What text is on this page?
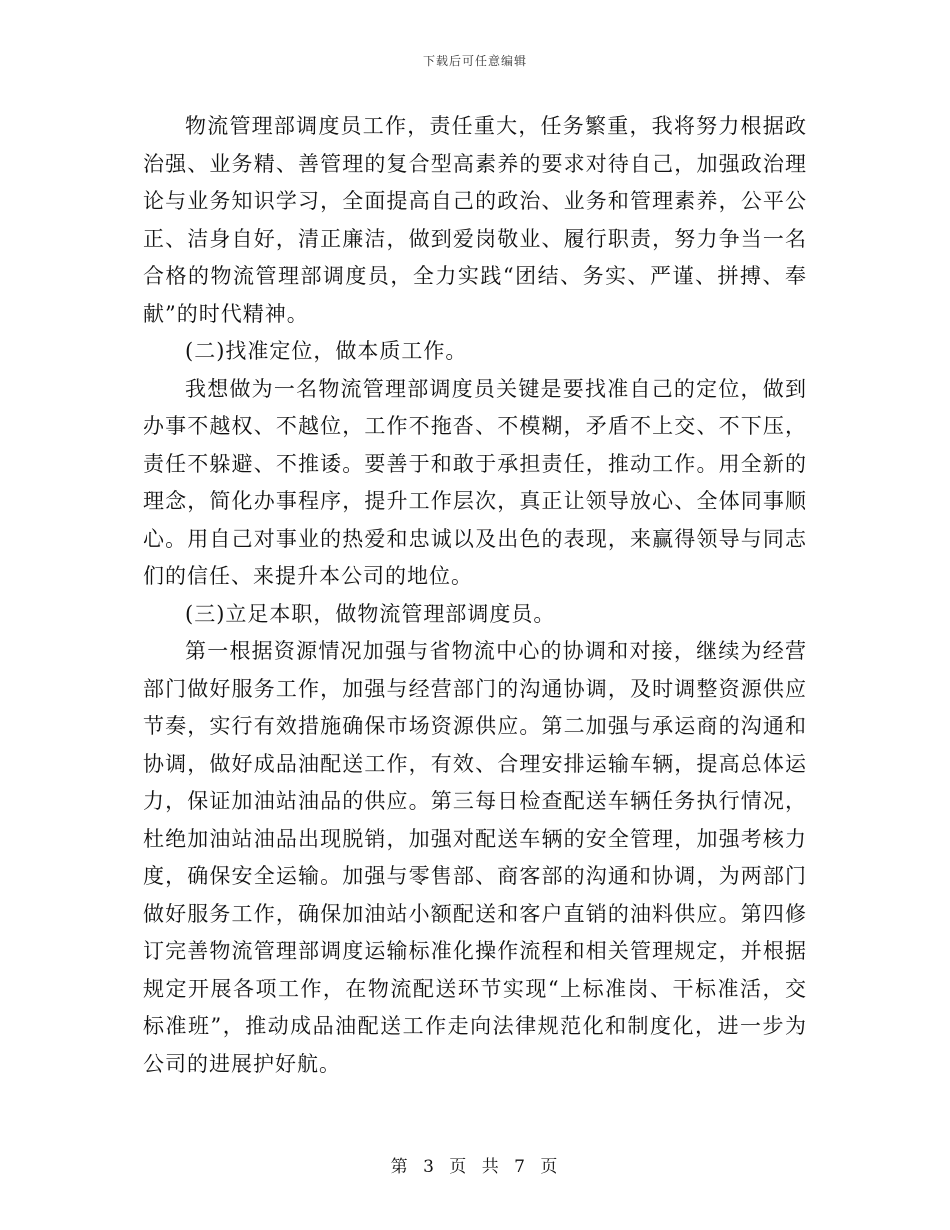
下载后可任意编辑

物流管理部调度员工作，责任重大，任务繁重，我将努力根据政治强、业务精、善管理的复合型高素养的要求对待自己，加强政治理论与业务知识学习，全面提高自己的政治、业务和管理素养，公平公正、洁身自好，清正廉洁，做到爱岗敬业、履行职责，努力争当一名合格的物流管理部调度员，全力实践“团结、务实、严谨、拼搏、奉献”的时代精神。

(二)找准定位，做本质工作。

我想做为一名物流管理部调度员关键是要找准自己的定位，做到办事不越权、不越位，工作不拖沓、不模糊，矛盾不上交、不下压，责任不躲避、不推诿。要善于和敢于承担责任，推动工作。用全新的理念，简化办事程序，提升工作层次，真正让领导放心、全体同事顺心。用自己对事业的热爱和忠诚以及出色的表现，来赢得领导与同志们的信任、来提升本公司的地位。

(三)立足本职，做物流管理部调度员。

第一根据资源情况加强与省物流中心的协调和对接，继续为经营部门做好服务工作，加强与经营部门的沟通协调，及时调整资源供应节奏，实行有效措施确保市场资源供应。第二加强与承运商的沟通和协调，做好成品油配送工作，有效、合理安排运输车辆，提高总体运力，保证加油站油品的供应。第三每日检查配送车辆任务执行情况，杜绝加油站油品出现脱销，加强对配送车辆的安全管理，加强考核力度，确保安全运输。加强与零售部、商客部的沟通和协调，为两部门做好服务工作，确保加油站小额配送和客户直销的油料供应。第四修订完善物流管理部调度运输标准化操作流程和相关管理规定，并根据规定开展各项工作，在物流配送环节实现“上标准岗、干标准活，交标准班”，推动成品油配送工作走向法律规范化和制度化，进一步为公司的进展护好航。

第 3 页 共 7 页
